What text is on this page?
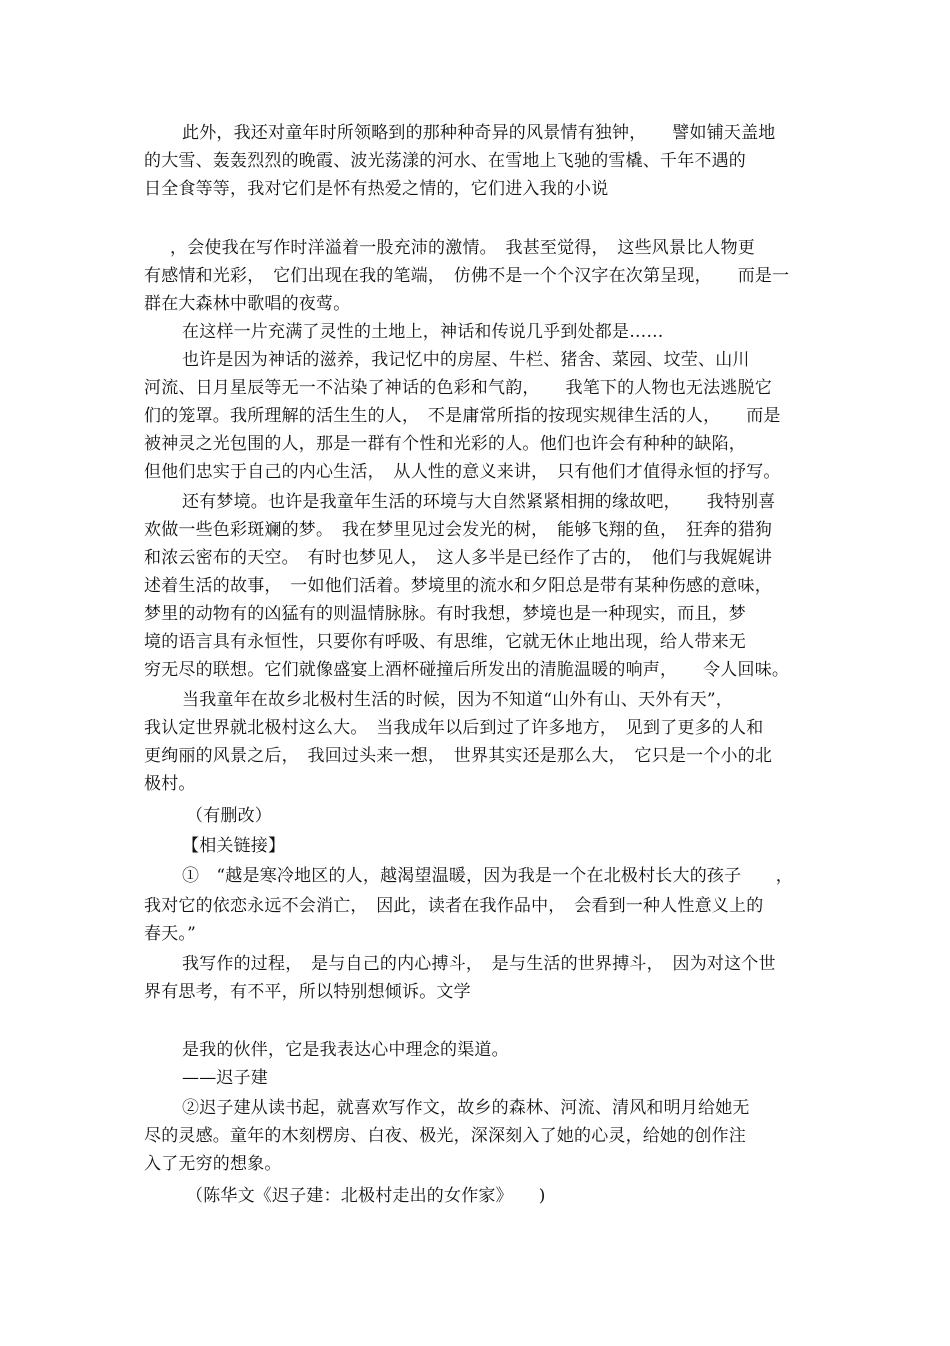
此外，我还对童年时所领略到的那种种奇异的风景情有独钟，　　譬如铺天盖地
的大雪、轰轰烈烈的晚霞、波光荡漾的河水、在雪地上飞驰的雪橇、千年不遇的
日全食等等，我对它们是怀有热爱之情的，它们进入我的小说
，会使我在写作时洋溢着一股充沛的激情。　我甚至觉得，　这些风景比人物更
有感情和光彩，　它们出现在我的笔端，　仿佛不是一个个汉字在次第呈现，　　而是一
群在大森林中歌唱的夜莺。
在这样一片充满了灵性的土地上，神话和传说几乎到处都是……
也许是因为神话的滋养，我记忆中的房屋、牛栏、猪舍、菜园、坟茔、山川
河流、日月星辰等无一不沾染了神话的色彩和气韵，　　我笔下的人物也无法逃脱它
们的笼罩。我所理解的活生生的人，　不是庸常所指的按现实规律生活的人，　　而是
被神灵之光包围的人，那是一群有个性和光彩的人。他们也许会有种种的缺陷，
但他们忠实于自己的内心生活，　从人性的意义来讲，　只有他们才值得永恒的抒写。
还有梦境。也许是我童年生活的环境与大自然紧紧相拥的缘故吧，　　我特别喜
欢做一些色彩斑斓的梦。　我在梦里见过会发光的树，　能够飞翔的鱼，　狂奔的猎狗
和浓云密布的天空。　有时也梦见人，　这人多半是已经作了古的，　他们与我娓娓讲
述着生活的故事，　一如他们活着。梦境里的流水和夕阳总是带有某种伤感的意味，
梦里的动物有的凶猛有的则温情脉脉。有时我想，梦境也是一种现实，而且，梦
境的语言具有永恒性，只要你有呼吸、有思维，它就无休止地出现，给人带来无
穷无尽的联想。它们就像盛宴上酒杯碰撞后所发出的清脆温暖的响声，　　令人回味。
当我童年在故乡北极村生活的时候，因为不知道“山外有山、天外有天”，
我认定世界就北极村这么大。　当我成年以后到过了许多地方，　见到了更多的人和
更绚丽的风景之后，　我回过头来一想，　世界其实还是那么大，　它只是一个小的北
极村。
（有删改）
【相关链接】
①　“越是寒冷地区的人，越渴望温暖，因为我是一个在北极村长大的孩子　　，
我对它的依恋永远不会消亡，　因此，读者在我作品中，　会看到一种人性意义上的
春天。”
我写作的过程，　是与自己的内心搏斗，　是与生活的世界搏斗，　因为对这个世
界有思考，有不平，所以特别想倾诉。文学
是我的伙伴，它是我表达心中理念的渠道。
——迟子建
②迟子建从读书起，就喜欢写作文，故乡的森林、河流、清风和明月给她无
尽的灵感。童年的木刻楞房、白夜、极光，深深刻入了她的心灵，给她的创作注
入了无穷的想象。
（陈华文《迟子建：北极村走出的女作家》　　)
